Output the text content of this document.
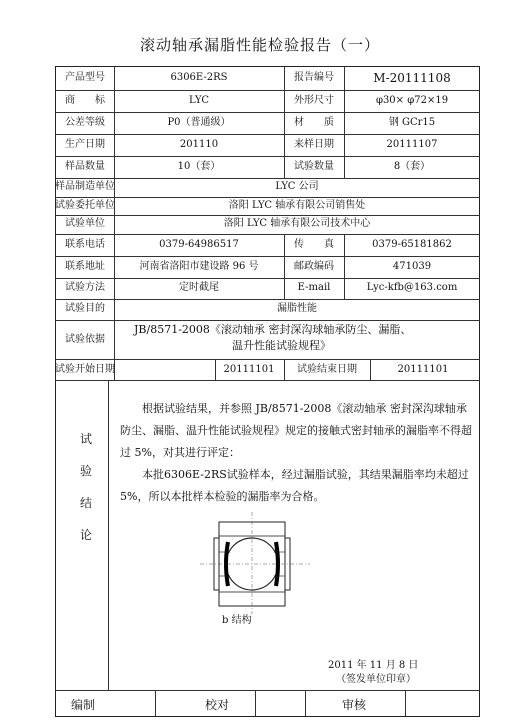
滚动轴承漏脂性能检验报告（一）
产品型号	6306E-2RS	报告编号	M-20111108
商　　标	LYC	外形尺寸	φ30× φ72×19
公差等级	P0（普通级）	材　　质	钢 GCr15
生产日期	201110	来样日期	20111107
样品数量	10（套）	试验数量	8（套）
样品制造单位	LYC 公司
试验委托单位	洛阳 LYC 轴承有限公司销售处
试验单位	洛阳 LYC 轴承有限公司技术中心
联系电话	0379-64986517	传　　真	0379-65181862
联系地址	河南省洛阳市建设路 96 号	邮政编码	471039
试验方法	定时截尾	E-mail	Lyc-kfb@163.com
试验目的	漏脂性能
试验依据
JB/8571-2008《滚动轴承 密封深沟球轴承防尘、漏脂、
温升性能试验规程》
试验开始日期	20111101 试验结束日期	20111101
试
验
结
论
根据试验结果，并参照 JB/8571-2008《滚动轴承 密封深沟球轴承防尘、漏脂、温升性能试验规程》规定的接触式密封轴承的漏脂率不得超过 5%，对其进行评定：
本批6306E-2RS试验样本，经过漏脂试验，其结果漏脂率均未超过5%，所以本批样本检验的漏脂率为合格。
b 结构
2011 年 11 月 8 日
（签发单位印章）
编制	校对	审核
